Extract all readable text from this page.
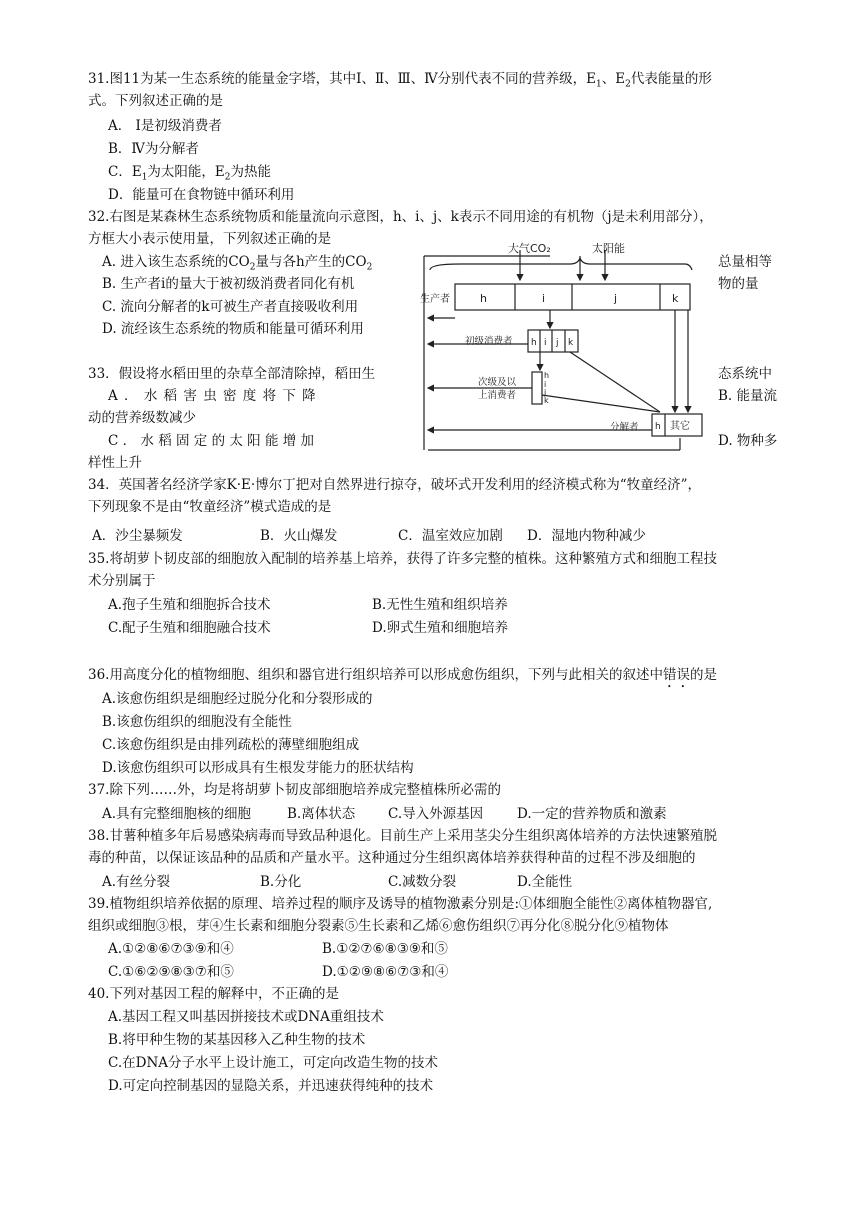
31.图11为某一生态系统的能量金字塔，其中Ⅰ、Ⅱ、Ⅲ、Ⅳ分别代表不同的营养级，$E_1$、$E_2$代表能量的形
式。下列叙述正确的是
A． Ⅰ是初级消费者
B．Ⅳ为分解者
C．$E_1$为太阳能，$E_2$为热能
D．能量可在食物链中循环利用
32.右图是某森林生态系统物质和能量流向示意图，h、i、j、k表示不同用途的有机物（j是未利用部分），
方框大小表示使用量，下列叙述正确的是
A. 进入该生态系统的$CO_2$量与各h产生的$CO_2$	总量相等
B. 生产者i的量大于被初级消费者同化有机	物的量
C. 流向分解者的k可被生产者直接吸收利用
D. 流经该生态系统的物质和能量可循环利用
大气CO₂	太阳能
生产者	h	i	j	k
初级消费者 h i j k
次级及以
上消费者
h
i
j
k
分解者 h 其它
33．假设将水稻田里的杂草全部清除掉，稻田生	态系统中
A ． 水 稻 害 虫 密 度 将 下 降	B. 能量流
动的营养级数减少
C ． 水 稻 固 定 的 太 阳 能 增 加	D. 物种多
样性上升
34．英国著名经济学家K·E·博尔丁把对自然界进行掠夺，破坏式开发利用的经济模式称为“牧童经济”，
下列现象不是由“牧童经济”模式造成的是
A．沙尘暴频发	B．火山爆发	C．温室效应加剧 D．湿地内物种减少
35.将胡萝卜韧皮部的细胞放入配制的培养基上培养，获得了许多完整的植株。这种繁殖方式和细胞工程技
术分别属于
A.孢子生殖和细胞拆合技术	B.无性生殖和组织培养
C.配子生殖和细胞融合技术	D.卵式生殖和细胞培养
36.用高度分化的植物细胞、组织和器官进行组织培养可以形成愈伤组织，下列与此相关的叙述中错误的是
A.该愈伤组织是细胞经过脱分化和分裂形成的
B.该愈伤组织的细胞没有全能性
C.该愈伤组织是由排列疏松的薄壁细胞组成
D.该愈伤组织可以形成具有生根发芽能力的胚状结构
37.除下列……外，均是将胡萝卜韧皮部细胞培养成完整植株所必需的
A.具有完整细胞核的细胞	B.离体状态 C.导入外源基因	D.一定的营养物质和激素
38.甘薯种植多年后易感染病毒而导致品种退化。目前生产上采用茎尖分生组织离体培养的方法快速繁殖脱
毒的种苗，以保证该品种的品质和产量水平。这种通过分生组织离体培养获得种苗的过程不涉及细胞的
A.有丝分裂	B.分化	C.减数分裂	D.全能性
39.植物组织培养依据的原理、培养过程的顺序及诱导的植物激素分别是:①体细胞全能性②离体植物器官,
组织或细胞③根，芽④生长素和细胞分裂素⑤生长素和乙烯⑥愈伤组织⑦再分化⑧脱分化⑨植物体
A.①②⑧⑥⑦③⑨和④	B.①②⑦⑥⑧③⑨和⑤
C.①⑥②⑨⑧③⑦和⑤	D.①②⑨⑧⑥⑦③和④
40.下列对基因工程的解释中，不正确的是
A.基因工程又叫基因拼接技术或DNA重组技术
B.将甲种生物的某基因移入乙种生物的技术
C.在DNA分子水平上设计施工，可定向改造生物的技术
D.可定向控制基因的显隐关系，并迅速获得纯种的技术
